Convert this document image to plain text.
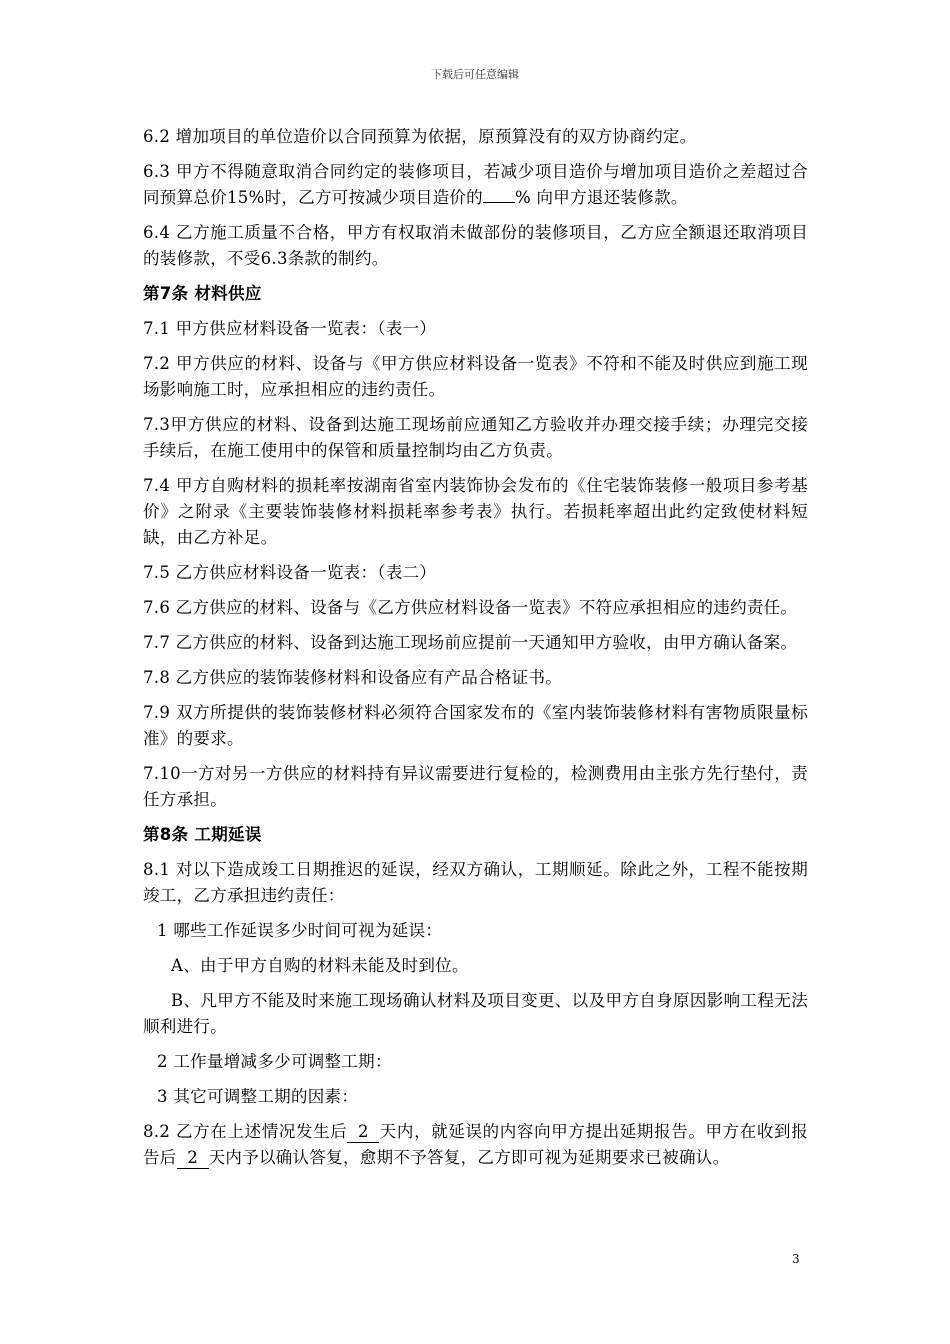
下载后可任意编辑

6.2 增加项目的单位造价以合同预算为依据，原预算没有的双方协商约定。

6.3 甲方不得随意取消合同约定的装修项目，若减少项目造价与增加项目造价之差超过合同预算总价15%时，乙方可按减少项目造价的 % 向甲方退还装修款。

6.4 乙方施工质量不合格，甲方有权取消未做部份的装修项目，乙方应全额退还取消项目的装修款，不受6.3条款的制约。

第7条 材料供应

7.1 甲方供应材料设备一览表：（表一）

7.2 甲方供应的材料、设备与《甲方供应材料设备一览表》不符和不能及时供应到施工现场影响施工时，应承担相应的违约责任。

7.3甲方供应的材料、设备到达施工现场前应通知乙方验收并办理交接手续；办理完交接手续后，在施工使用中的保管和质量控制均由乙方负责。

7.4 甲方自购材料的损耗率按湖南省室内装饰协会发布的《住宅装饰装修一般项目参考基价》之附录《主要装饰装修材料损耗率参考表》执行。若损耗率超出此约定致使材料短缺，由乙方补足。

7.5 乙方供应材料设备一览表：（表二）

7.6 乙方供应的材料、设备与《乙方供应材料设备一览表》不符应承担相应的违约责任。

7.7 乙方供应的材料、设备到达施工现场前应提前一天通知甲方验收，由甲方确认备案。

7.8 乙方供应的装饰装修材料和设备应有产品合格证书。

7.9 双方所提供的装饰装修材料必须符合国家发布的《室内装饰装修材料有害物质限量标准》的要求。

7.10一方对另一方供应的材料持有异议需要进行复检的，检测费用由主张方先行垫付，责任方承担。

第8条 工期延误

8.1 对以下造成竣工日期推迟的延误，经双方确认，工期顺延。除此之外，工程不能按期竣工，乙方承担违约责任：

1 哪些工作延误多少时间可视为延误：

A、由于甲方自购的材料未能及时到位。

B、凡甲方不能及时来施工现场确认材料及项目变更、以及甲方自身原因影响工程无法顺利进行。

2 工作量增减多少可调整工期：

3 其它可调整工期的因素：

8.2 乙方在上述情况发生后 2 天内，就延误的内容向甲方提出延期报告。甲方在收到报告后 2 天内予以确认答复，愈期不予答复，乙方即可视为延期要求已被确认。

3
